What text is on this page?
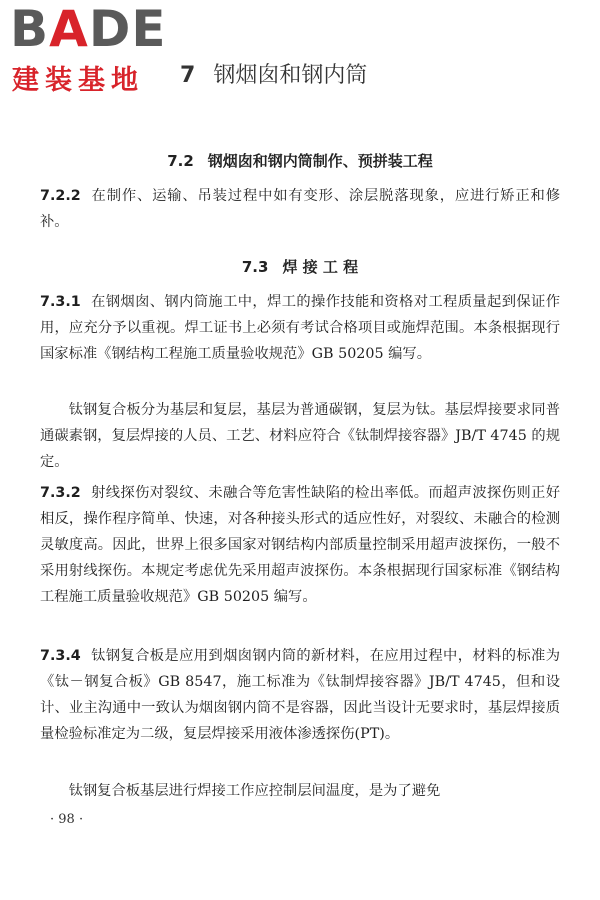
BADE
建装基地 7 钢烟囱和钢内筒
7.2 钢烟囱和钢内筒制作、预拼装工程
7.2.2 在制作、运输、吊装过程中如有变形、涂层脱落现象，应进行矫正和修补。
7.3 焊 接 工 程
7.3.1 在钢烟囱、钢内筒施工中，焊工的操作技能和资格对工程质量起到保证作用，应充分予以重视。焊工证书上必须有考试合格项目或施焊范围。本条根据现行国家标准《钢结构工程施工质量验收规范》GB 50205 编写。
钛钢复合板分为基层和复层，基层为普通碳钢，复层为钛。基层焊接要求同普通碳素钢，复层焊接的人员、工艺、材料应符合《钛制焊接容器》JB/T 4745 的规定。
7.3.2 射线探伤对裂纹、未融合等危害性缺陷的检出率低。而超声波探伤则正好相反，操作程序简单、快速，对各种接头形式的适应性好，对裂纹、未融合的检测灵敏度高。因此，世界上很多国家对钢结构内部质量控制采用超声波探伤，一般不采用射线探伤。本规定考虑优先采用超声波探伤。本条根据现行国家标准《钢结构工程施工质量验收规范》GB 50205 编写。
7.3.4 钛钢复合板是应用到烟囱钢内筒的新材料，在应用过程中，材料的标准为《钛－钢复合板》GB 8547，施工标准为《钛制焊接容器》JB/T 4745，但和设计、业主沟通中一致认为烟囱钢内筒不是容器，因此当设计无要求时，基层焊接质量检验标准定为二级，复层焊接采用液体渗透探伤(PT)。
钛钢复合板基层进行焊接工作应控制层间温度，是为了避免
· 98 ·
